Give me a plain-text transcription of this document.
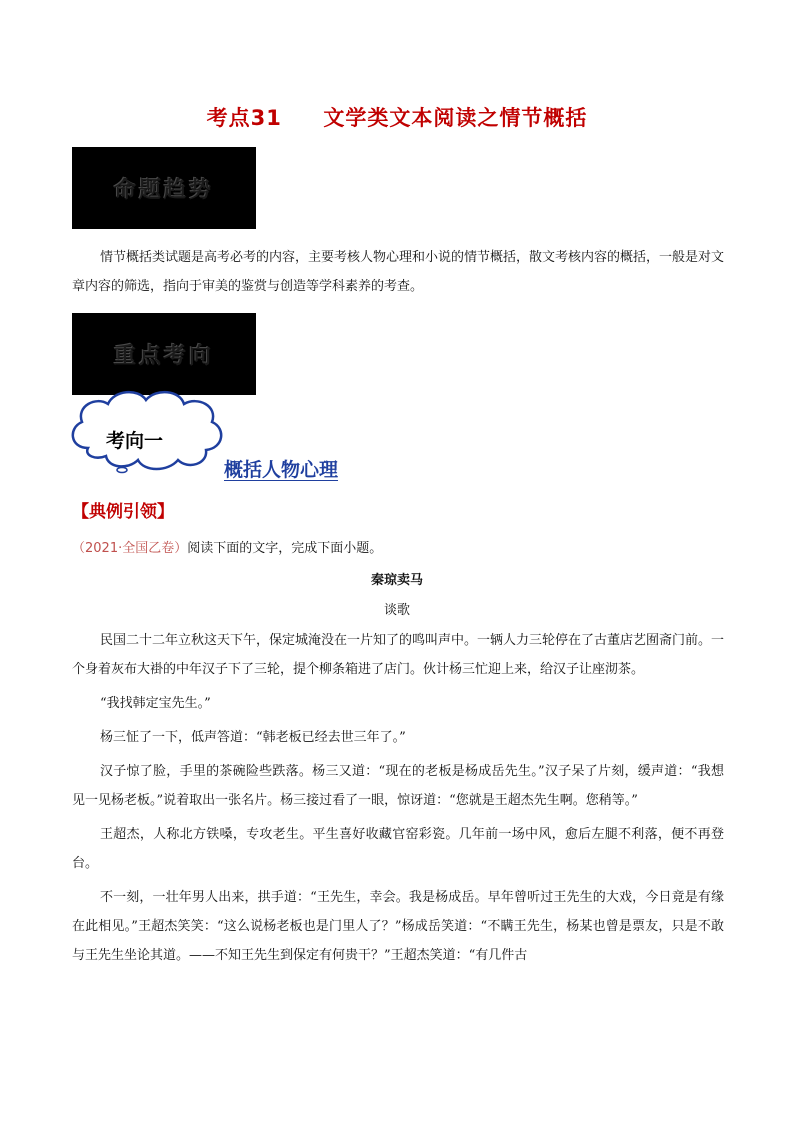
考点31     文学类文本阅读之情节概括
命题趋势
情节概括类试题是高考必考的内容，主要考核人物心理和小说的情节概括，散文考核内容的概括，一般是对文章内容的筛选，指向于审美的鉴赏与创造等学科素养的考查。
重点考向
考向一
概括人物心理
【典例引领】
（2021·全国乙卷）阅读下面的文字，完成下面小题。
秦琼卖马
谈歌

民国二十二年立秋这天下午，保定城淹没在一片知了的鸣叫声中。一辆人力三轮停在了古董店艺囿斋门前。一个身着灰布大褂的中年汉子下了三轮，提个柳条箱进了店门。伙计杨三忙迎上来，给汉子让座沏茶。

“我找韩定宝先生。”

杨三怔了一下，低声答道：“韩老板已经去世三年了。”

汉子惊了脸，手里的茶碗险些跌落。杨三又道：“现在的老板是杨成岳先生。”汉子呆了片刻，缓声道：“我想见一见杨老板。”说着取出一张名片。杨三接过看了一眼，惊讶道：“您就是王超杰先生啊。您稍等。”

王超杰，人称北方铁嗓，专攻老生。平生喜好收藏官窑彩瓷。几年前一场中风，愈后左腿不利落，便不再登台。

不一刻，一壮年男人出来，拱手道：“王先生，幸会。我是杨成岳。早年曾听过王先生的大戏，今日竟是有缘在此相见。”王超杰笑笑：“这么说杨老板也是门里人了？”杨成岳笑道：“不瞒王先生，杨某也曾是票友，只是不敢与王先生坐论其道。——不知王先生到保定有何贵干？”王超杰笑道：“有几件古
